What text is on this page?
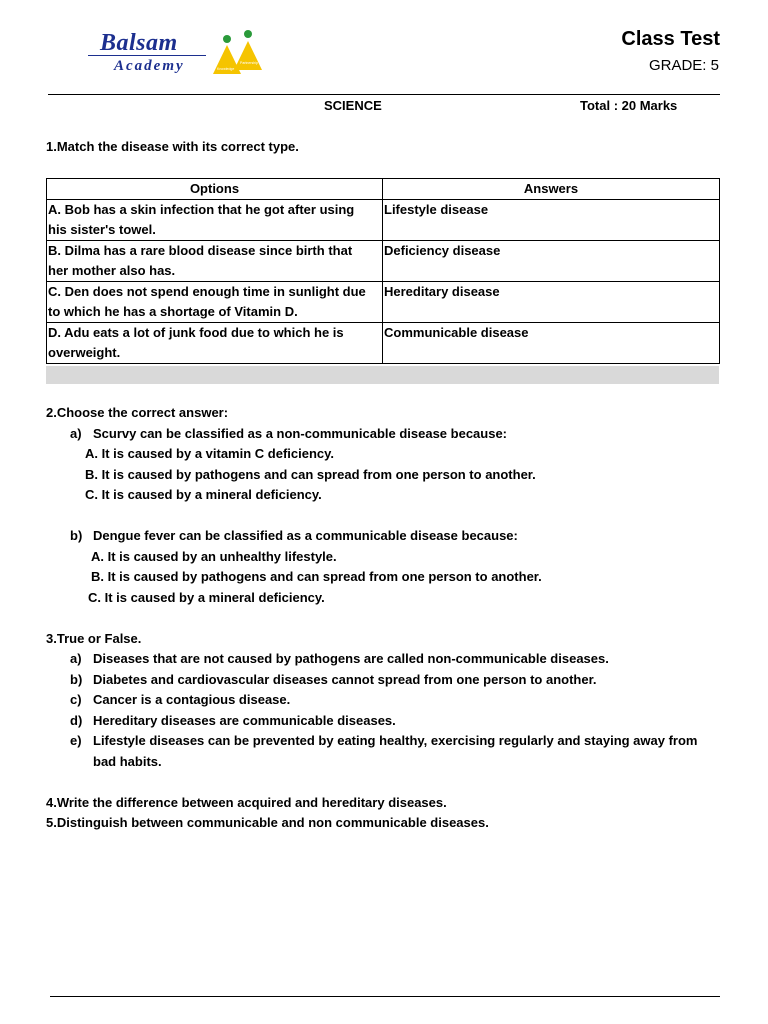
Balsam
Academy	Knowledge
Partnership
Class Test
GRADE: 5
SCIENCE	Total : 20 Marks
1.Match the disease with its correct type.
Options	Answers

A. Bob has a skin infection that he got after using
his sister's towel.	Lifestyle disease

B. Dilma has a rare blood disease since birth that
her mother also has.	Deficiency disease

C. Den does not spend enough time in sunlight due
to which he has a shortage of Vitamin D.	Hereditary disease

D. Adu eats a lot of junk food due to which he is
overweight.	Communicable disease
2.Choose the correct answer:
a) Scurvy can be classified as a non-communicable disease because:
A. It is caused by a vitamin C deficiency.
B. It is caused by pathogens and can spread from one person to another.
C. It is caused by a mineral deficiency.
b) Dengue fever can be classified as a communicable disease because:
A. It is caused by an unhealthy lifestyle.
B. It is caused by pathogens and can spread from one person to another.
C. It is caused by a mineral deficiency.
3.True or False.
a) Diseases that are not caused by pathogens are called non-communicable diseases.
b) Diabetes and cardiovascular diseases cannot spread from one person to another.
c) Cancer is a contagious disease.
d) Hereditary diseases are communicable diseases.
e) Lifestyle diseases can be prevented by eating healthy, exercising regularly and staying away from
bad habits.
4.Write the difference between acquired and hereditary diseases.
5.Distinguish between communicable and non communicable diseases.
